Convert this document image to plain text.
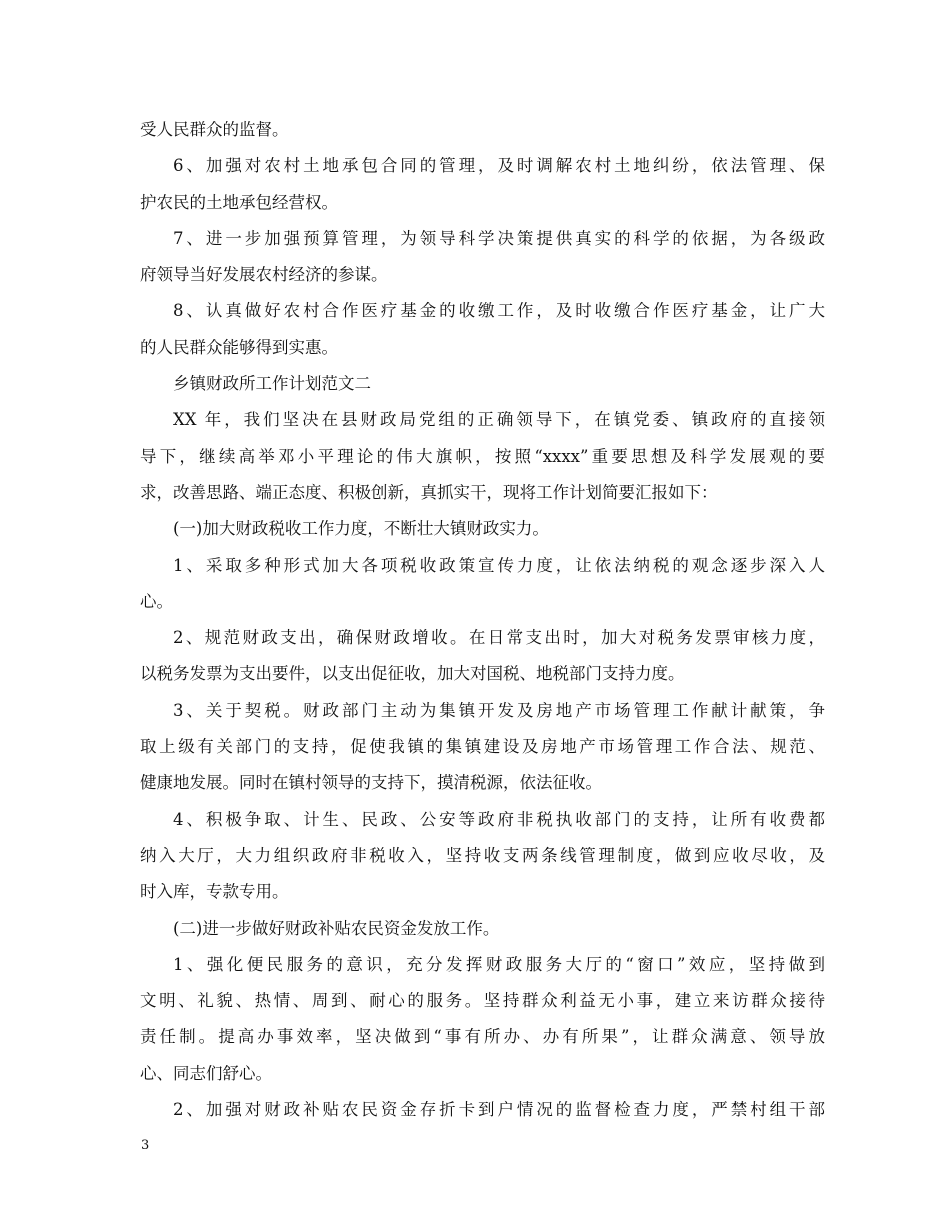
受人民群众的监督。
6、加强对农村土地承包合同的管理，及时调解农村土地纠纷，依法管理、保
护农民的土地承包经营权。
7、进一步加强预算管理，为领导科学决策提供真实的科学的依据，为各级政
府领导当好发展农村经济的参谋。
8、认真做好农村合作医疗基金的收缴工作，及时收缴合作医疗基金，让广大
的人民群众能够得到实惠。
乡镇财政所工作计划范文二
XX 年，我们坚决在县财政局党组的正确领导下，在镇党委、镇政府的直接领
导下，继续高举邓小平理论的伟大旗帜，按照“xxxx”重要思想及科学发展观的要
求，改善思路、端正态度、积极创新，真抓实干，现将工作计划简要汇报如下：
(一)加大财政税收工作力度，不断壮大镇财政实力。
1、采取多种形式加大各项税收政策宣传力度，让依法纳税的观念逐步深入人
心。
2、规范财政支出，确保财政增收。在日常支出时，加大对税务发票审核力度，
以税务发票为支出要件，以支出促征收，加大对国税、地税部门支持力度。
3、关于契税。财政部门主动为集镇开发及房地产市场管理工作献计献策，争
取上级有关部门的支持，促使我镇的集镇建设及房地产市场管理工作合法、规范、
健康地发展。同时在镇村领导的支持下，摸清税源，依法征收。
4、积极争取、计生、民政、公安等政府非税执收部门的支持，让所有收费都
纳入大厅，大力组织政府非税收入，坚持收支两条线管理制度，做到应收尽收，及
时入库，专款专用。
(二)进一步做好财政补贴农民资金发放工作。
1、强化便民服务的意识，充分发挥财政服务大厅的“窗口”效应，坚持做到
文明、礼貌、热情、周到、耐心的服务。坚持群众利益无小事，建立来访群众接待
责任制。提高办事效率，坚决做到“事有所办、办有所果”，让群众满意、领导放
心、同志们舒心。
2、加强对财政补贴农民资金存折卡到户情况的监督检查力度，严禁村组干部
3
